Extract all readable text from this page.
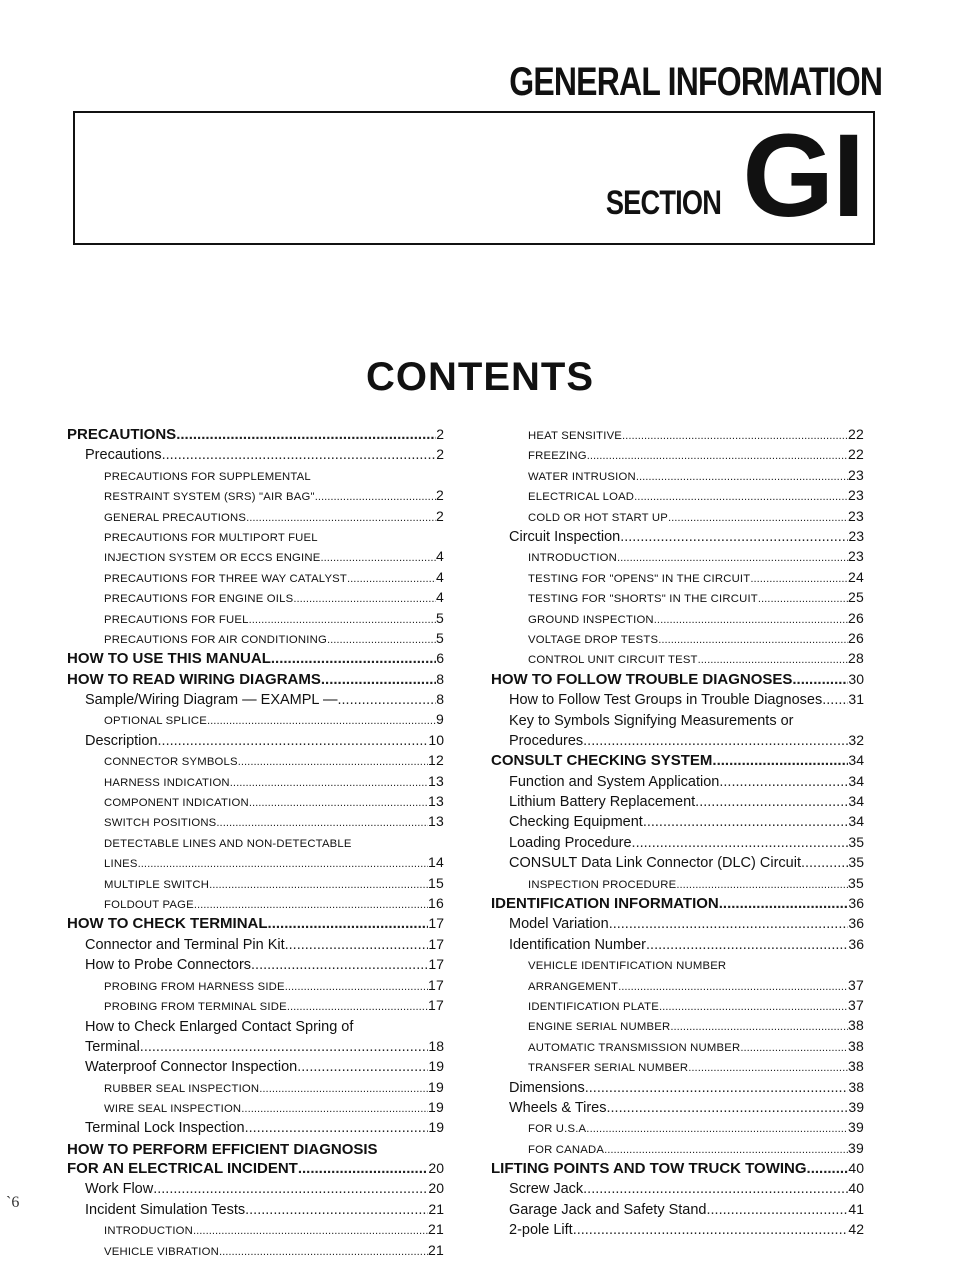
GENERAL INFORMATION
SECTION GI
CONTENTS
PRECAUTIONS .....	2
Precautions .....	2
PRECAUTIONS FOR SUPPLEMENTAL
RESTRAINT SYSTEM (SRS) "AIR BAG" .....	2
GENERAL PRECAUTIONS .....	2
PRECAUTIONS FOR MULTIPORT FUEL
INJECTION SYSTEM OR ECCS ENGINE .....	4
PRECAUTIONS FOR THREE WAY CATALYST .....	4
PRECAUTIONS FOR ENGINE OILS .....	4
PRECAUTIONS FOR FUEL .....	5
PRECAUTIONS FOR AIR CONDITIONING .....	5
HOW TO USE THIS MANUAL .....	6
HOW TO READ WIRING DIAGRAMS .....	8
Sample/Wiring Diagram — EXAMPL — .....	8
OPTIONAL SPLICE .....	9
Description .....	10
CONNECTOR SYMBOLS .....	12
HARNESS INDICATION .....	13
COMPONENT INDICATION .....	13
SWITCH POSITIONS .....	13
DETECTABLE LINES AND NON-DETECTABLE
LINES .....	14
MULTIPLE SWITCH .....	15
FOLDOUT PAGE .....	16
HOW TO CHECK TERMINAL .....	17
Connector and Terminal Pin Kit .....	17
How to Probe Connectors .....	17
PROBING FROM HARNESS SIDE .....	17
PROBING FROM TERMINAL SIDE .....	17
How to Check Enlarged Contact Spring of
Terminal .....	18
Waterproof Connector Inspection .....	19
RUBBER SEAL INSPECTION .....	19
WIRE SEAL INSPECTION .....	19
Terminal Lock Inspection .....	19
HOW TO PERFORM EFFICIENT DIAGNOSIS
FOR AN ELECTRICAL INCIDENT .....	20
Work Flow .....	20
Incident Simulation Tests .....	21
INTRODUCTION .....	21
VEHICLE VIBRATION .....	21
HEAT SENSITIVE .....	22
FREEZING .....	22
WATER INTRUSION .....	23
ELECTRICAL LOAD .....	23
COLD OR HOT START UP .....	23
Circuit Inspection .....	23
INTRODUCTION .....	23
TESTING FOR "OPENS" IN THE CIRCUIT .....	24
TESTING FOR "SHORTS" IN THE CIRCUIT .....	25
GROUND INSPECTION .....	26
VOLTAGE DROP TESTS .....	26
CONTROL UNIT CIRCUIT TEST .....	28
HOW TO FOLLOW TROUBLE DIAGNOSES .....	30
How to Follow Test Groups in Trouble Diagnoses ..... 31
Key to Symbols Signifying Measurements or
Procedures .....	32
CONSULT CHECKING SYSTEM .....	34
Function and System Application .....	34
Lithium Battery Replacement .....	34
Checking Equipment .....	34
Loading Procedure .....	35
CONSULT Data Link Connector (DLC) Circuit .....	35
INSPECTION PROCEDURE .....	35
IDENTIFICATION INFORMATION .....	36
Model Variation .....	36
Identification Number .....	36
VEHICLE IDENTIFICATION NUMBER
ARRANGEMENT .....	37
IDENTIFICATION PLATE .....	37
ENGINE SERIAL NUMBER .....	38
AUTOMATIC TRANSMISSION NUMBER .....	38
TRANSFER SERIAL NUMBER .....	38
Dimensions .....	38
Wheels & Tires .....	39
FOR U.S.A. .....	39
FOR CANADA .....	39
LIFTING POINTS AND TOW TRUCK TOWING .....	40
Screw Jack .....	40
Garage Jack and Safety Stand .....	41
2-pole Lift .....	42
`6
